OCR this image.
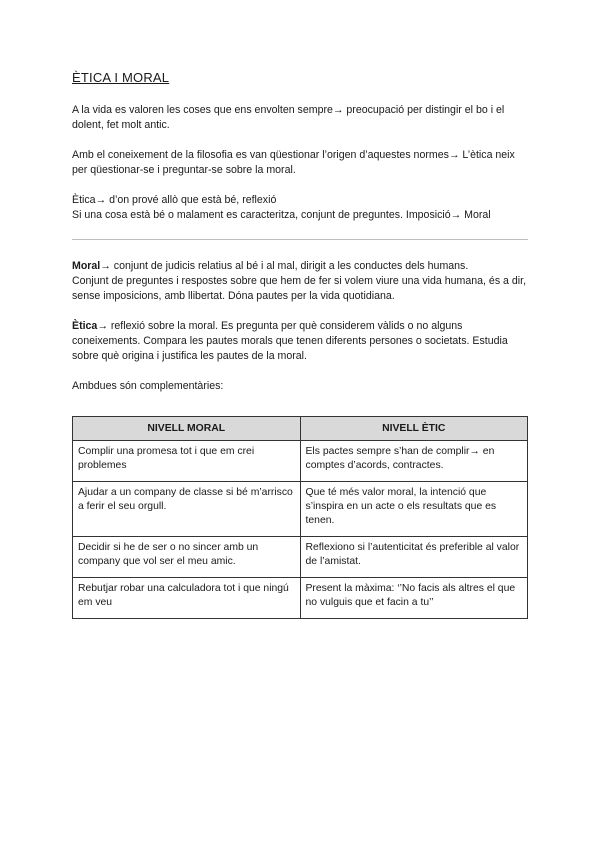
ÈTICA I MORAL

A la vida es valoren les coses que ens envolten sempre→ preocupació per distingir el bo i el dolent, fet molt antic.

Amb el coneixement de la filosofia es van qüestionar l’origen d’aquestes normes→ L’ètica neix per qüestionar-se i preguntar-se sobre la moral.

Ètica→ d’on prové allò que està bé, reflexió
Si una cosa està bé o malament es caracteritza, conjunt de preguntes. Imposició→ Moral

Moral→ conjunt de judicis relatius al bé i al mal, dirigit a les conductes dels humans.
Conjunt de preguntes i respostes sobre que hem de fer si volem viure una vida humana, és a dir, sense imposicions, amb llibertat. Dóna pautes per la vida quotidiana.

Ètica→ reflexió sobre la moral. Es pregunta per què considerem vàlids o no alguns coneixements. Compara les pautes morals que tenen diferents persones o societats. Estudia sobre què origina i justifica les pautes de la moral.

Ambdues són complementàries:

NIVELL MORAL	NIVELL ÈTIC
Complir una promesa tot i que em crei problemes	Els pactes sempre s’han de complir→ en comptes d’acords, contractes.
Ajudar a un company de classe si bé m’arrisco a ferir el seu orgull.	Que té més valor moral, la intenció que s’inspira en un acte o els resultats que es tenen.
Decidir si he de ser o no sincer amb un company que vol ser el meu amic.	Reflexiono si l’autenticitat és preferible al valor de l’amistat.
Rebutjar robar una calculadora tot i que ningú em veu	Present la màxima: ‘’No facis als altres el que no vulguis que et facin a tu’’
